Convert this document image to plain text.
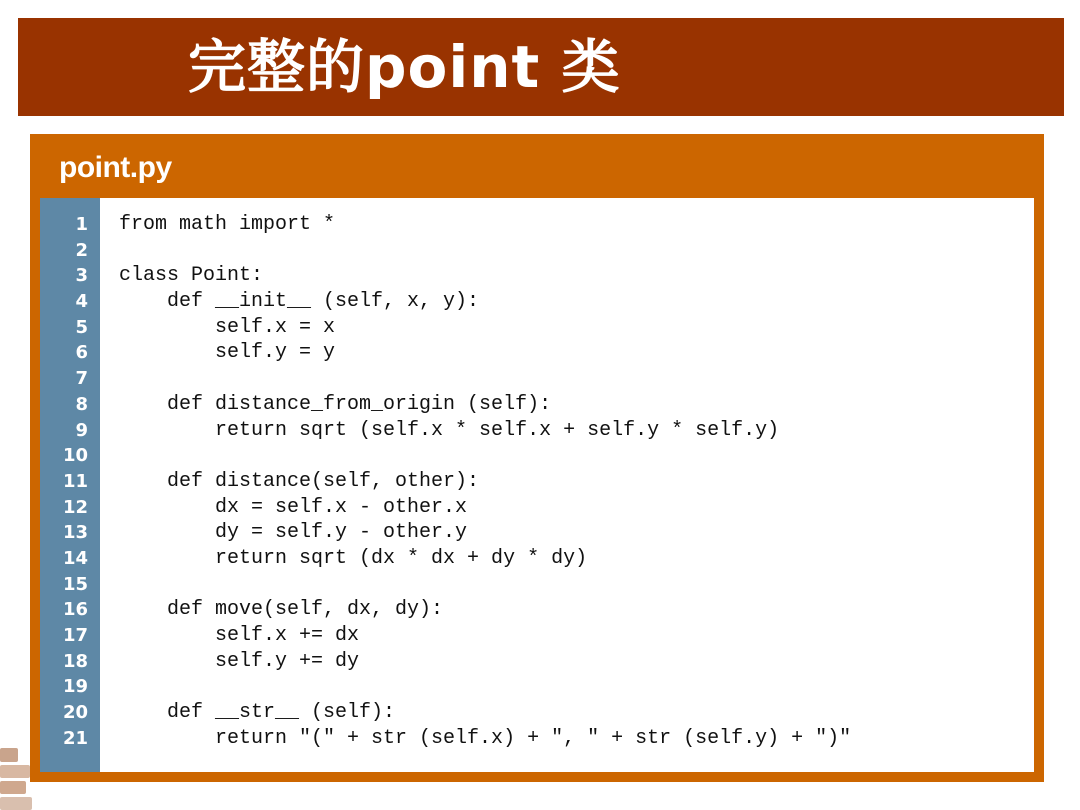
完整的point 类
point.py
1 from math import *
2
3 class Point:
4 def __init__ (self, x, y):
5 self.x = x
6 self.y = y
7
8 def distance_from_origin (self):
9 return sqrt (self.x * self.x + self.y * self.y)
10
11 def distance(self, other):
12 dx = self.x - other.x
13 dy = self.y - other.y
14 return sqrt (dx * dx + dy * dy)
15
16 def move(self, dx, dy):
17 self.x += dx
18 self.y += dy
19
20 def __str__ (self):
21 return "(" + str (self.x) + ", " + str (self.y) + ")"
